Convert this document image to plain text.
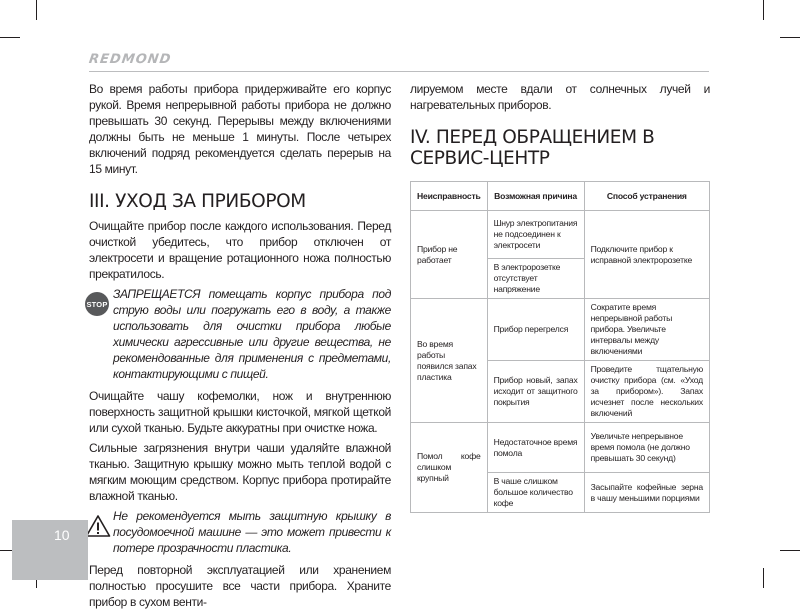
REDMOND
Во время работы прибора придерживайте его корпус рукой. Время непрерывной работы прибора не должно превышать 30 секунд. Перерывы между включениями должны быть не меньше 1 минуты. После четырех включений подряд рекомендуется сделать перерыв на 15 минут.
III. УХОД ЗА ПРИБОРОМ
Очищайте прибор после каждого использования. Перед очисткой убедитесь, что прибор отключен от электросети и вращение ротационного ножа полностью прекратилось.
STOP
ЗАПРЕЩАЕТСЯ помещать корпус прибора под струю воды или погружать его в воду, а также использовать для очистки прибора любые химически агрессивные или другие вещества, не рекомендованные для применения с предметами, контактирующими с пищей.
Очищайте чашу кофемолки, нож и внутреннюю поверхность защитной крышки кисточкой, мягкой щеткой или сухой тканью. Будьте аккуратны при очистке ножа.
Сильные загрязнения внутри чаши удаляйте влажной тканью. Защитную крышку можно мыть теплой водой с мягким моющим средством. Корпус прибора протирайте влажной тканью.
Не рекомендуется мыть защитную крышку в посудомоечной машине — это может привести к потере прозрачности пластика.
Перед повторной эксплуатацией или хранением полностью просушите все части прибора. Храните прибор в сухом венти-
лируемом месте вдали от солнечных лучей и нагревательных приборов.
IV. ПЕРЕД ОБРАЩЕНИЕМ В СЕРВИС-ЦЕНТР
Неисправность	Возможная причина	Способ устранения
Прибор не работает	Шнур электропитания не подсоединен к электросети	Подключите прибор к исправной электророзетке
	В электророзетке отсутствует напряжение	
Во время работы появился запах пластика	Прибор перегрелся	Сократите время непрерывной работы прибора. Увеличьте интервалы между включениями
	Прибор новый, запах исходит от защитного покрытия	Проведите тщательную очистку прибора (см. «Уход за прибором»). Запах исчезнет после нескольких включений
Помол кофе слишком крупный	Недостаточное время помола	Увеличьте непрерывное время помола (не должно превышать 30 секунд)
	В чаше слишком большое количество кофе	Засыпайте кофейные зерна в чашу меньшими порциями
10
